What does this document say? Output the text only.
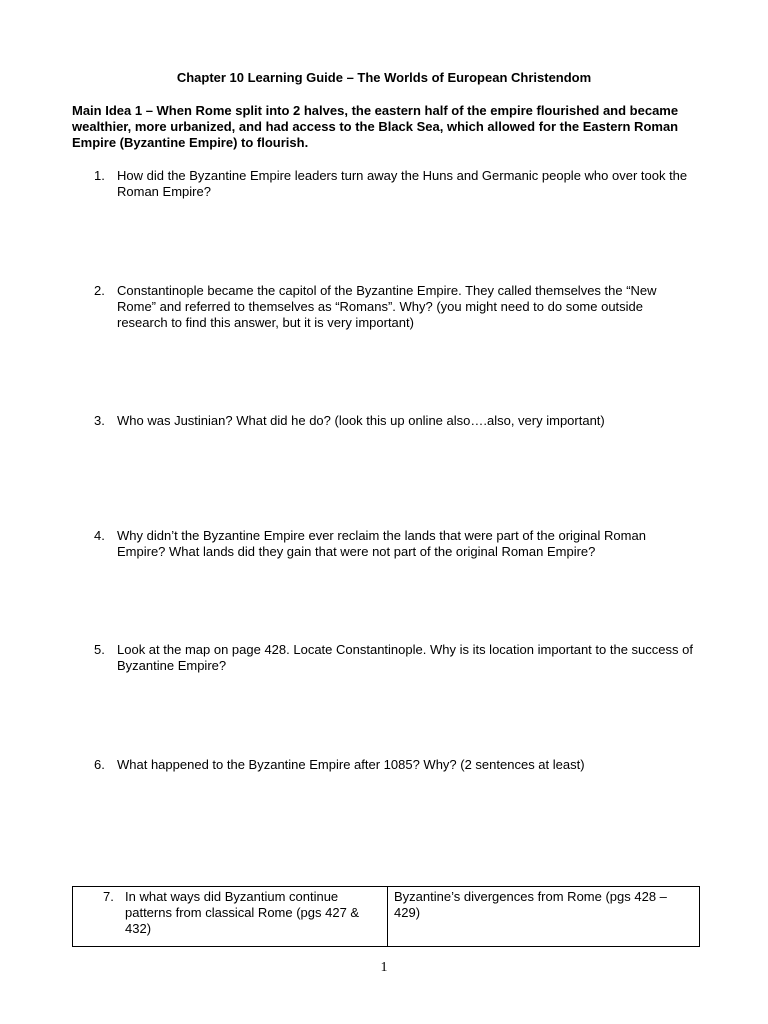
Chapter 10 Learning Guide – The Worlds of European Christendom
Main Idea 1 – When Rome split into 2 halves, the eastern half of the empire flourished and became wealthier, more urbanized, and had access to the Black Sea, which allowed for the Eastern Roman Empire (Byzantine Empire) to flourish.
1. How did the Byzantine Empire leaders turn away the Huns and Germanic people who over took the Roman Empire?
2. Constantinople became the capitol of the Byzantine Empire. They called themselves the “New Rome” and referred to themselves as “Romans”. Why? (you might need to do some outside research to find this answer, but it is very important)
3. Who was Justinian? What did he do? (look this up online also….also, very important)
4. Why didn’t the Byzantine Empire ever reclaim the lands that were part of the original Roman Empire? What lands did they gain that were not part of the original Roman Empire?
5. Look at the map on page 428. Locate Constantinople. Why is its location important to the success of Byzantine Empire?
6. What happened to the Byzantine Empire after 1085? Why? (2 sentences at least)
7. In what ways did Byzantium continue patterns from classical Rome (pgs 427 & 432)
Byzantine’s divergences from Rome (pgs 428 – 429)
1
